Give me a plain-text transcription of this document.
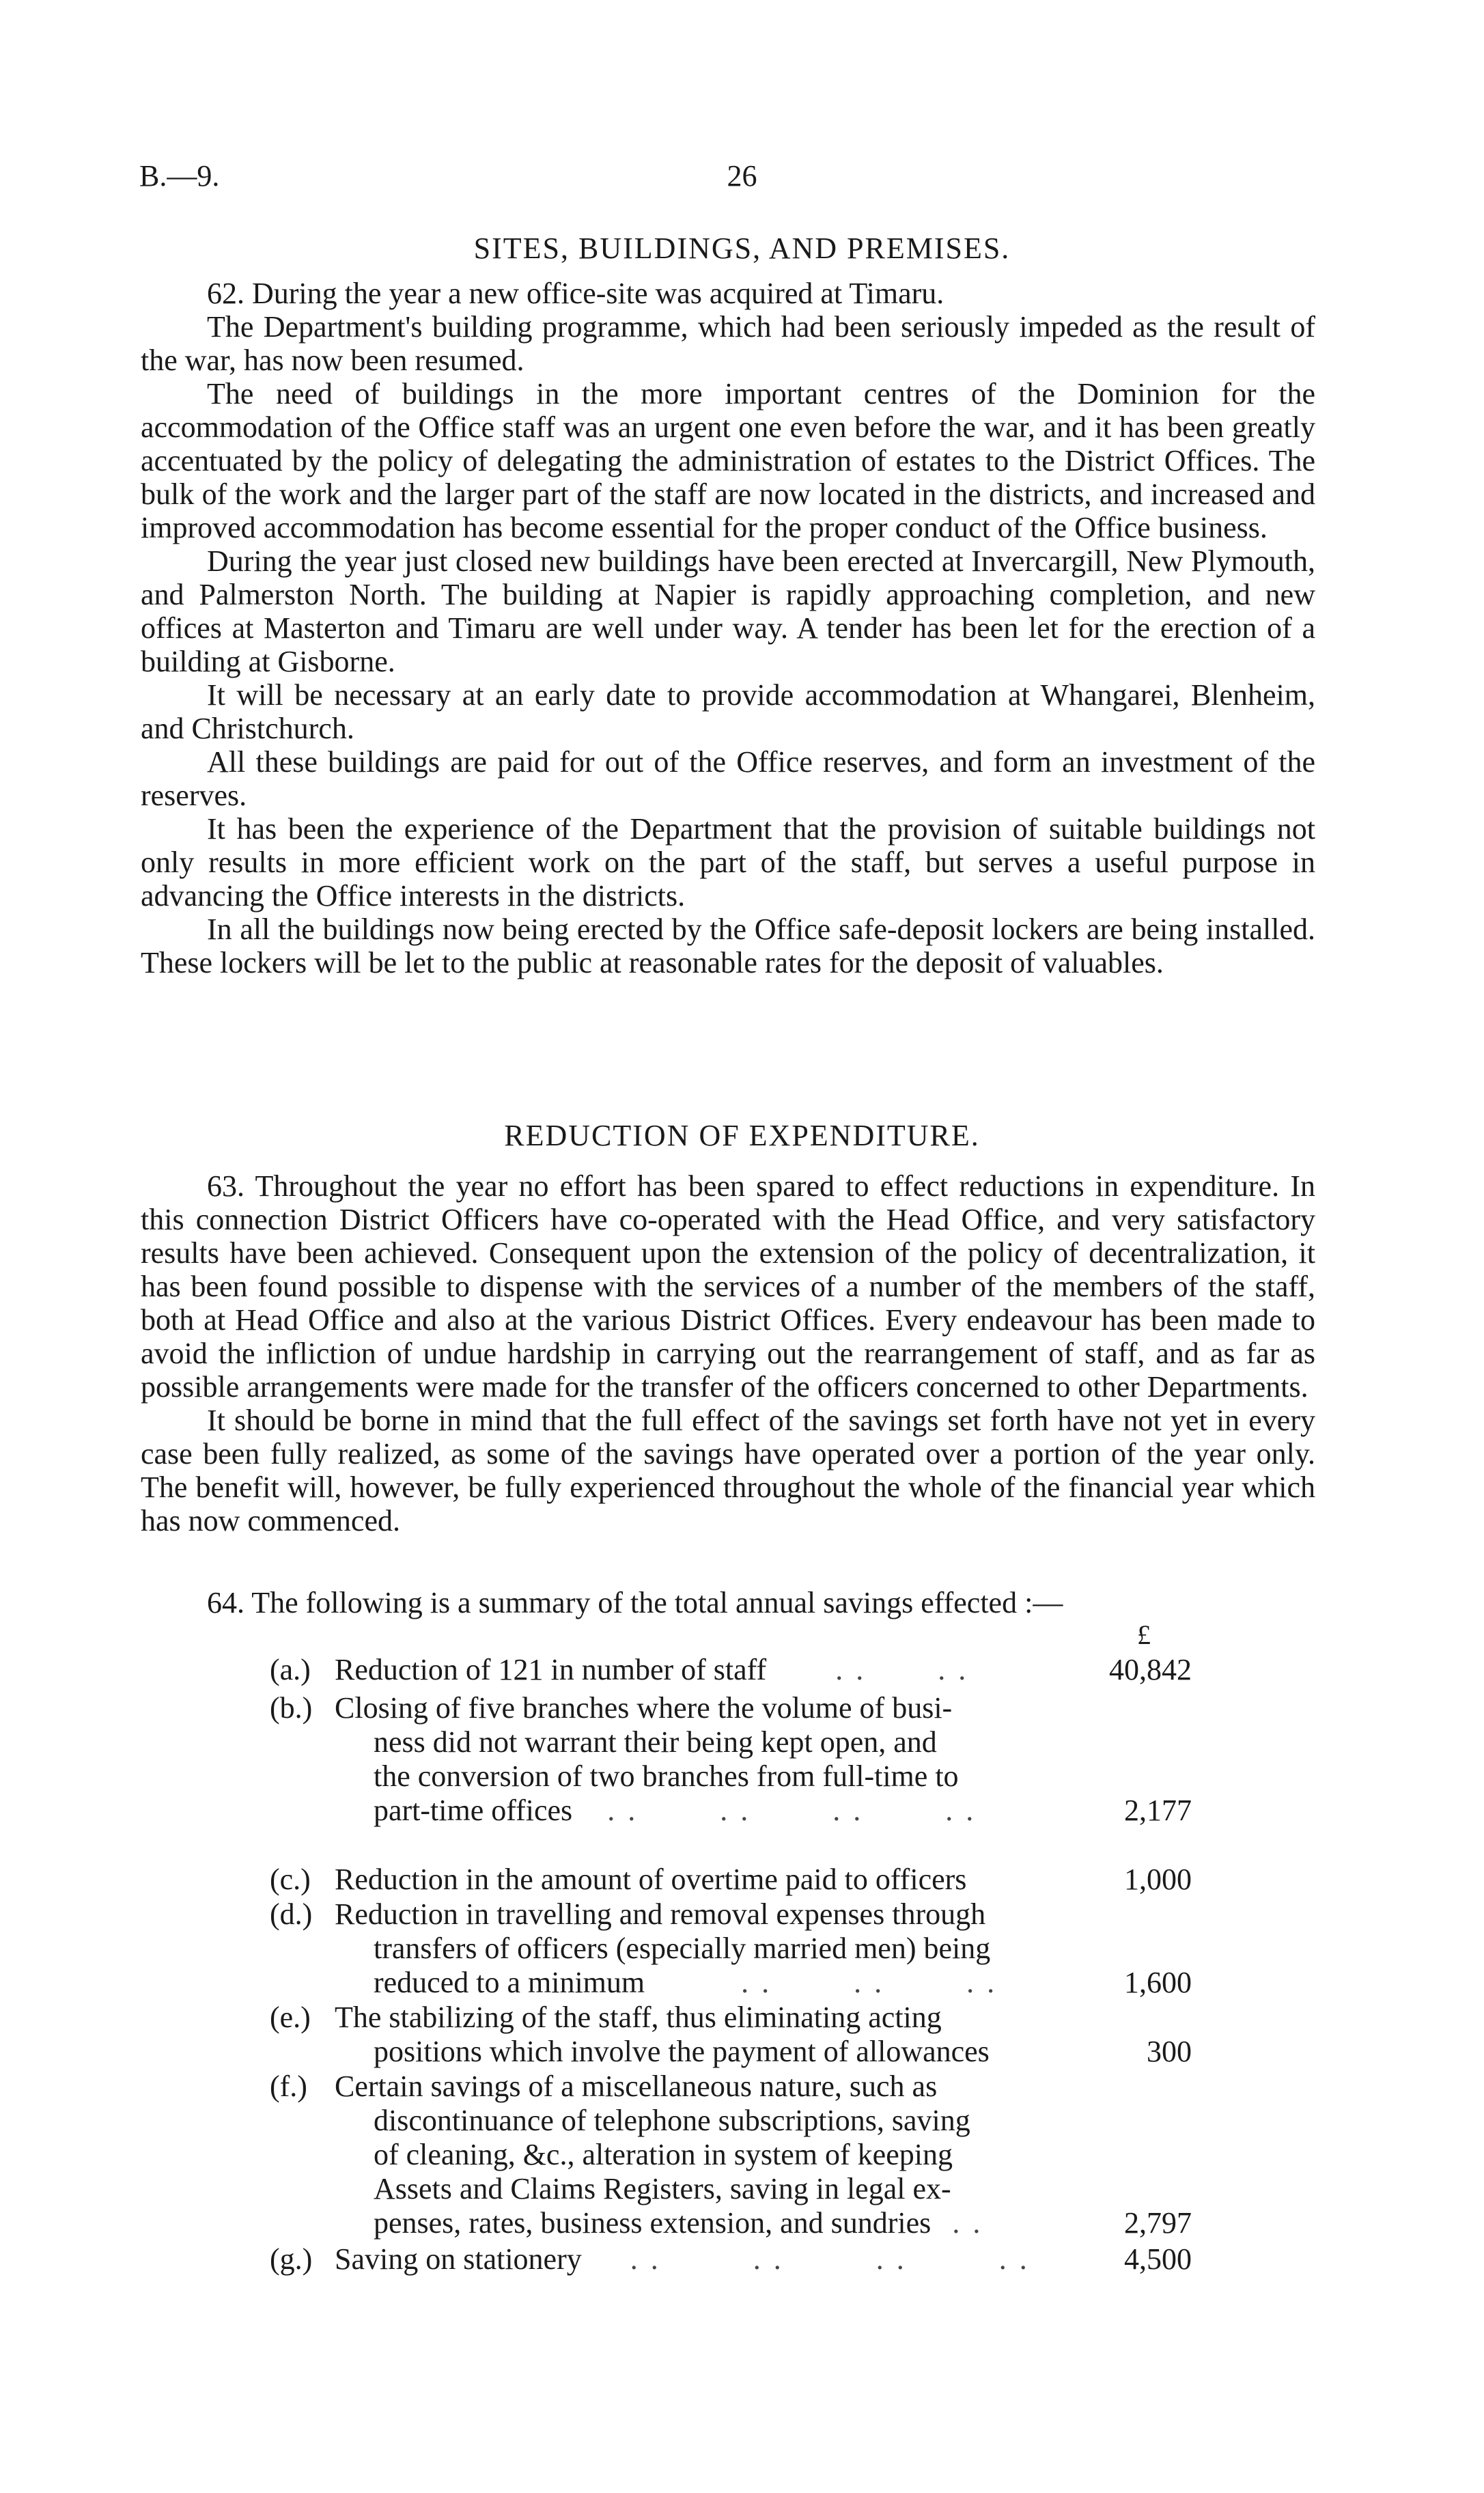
B.—9.	26
SITES, BUILDINGS, AND PREMISES.

62. During the year a new office-site was acquired at Timaru.

The Department's building programme, which had been seriously impeded as the result of the war, has now been resumed.

The need of buildings in the more important centres of the Dominion for the accommodation of the Office staff was an urgent one even before the war, and it has been greatly accentuated by the policy of delegating the administration of estates to the District Offices. The bulk of the work and the larger part of the staff are now located in the districts, and increased and improved accommodation has become essential for the proper conduct of the Office business.

During the year just closed new buildings have been erected at Invercargill, New Plymouth, and Palmerston North. The building at Napier is rapidly approaching completion, and new offices at Masterton and Timaru are well under way. A tender has been let for the erection of a building at Gisborne.

It will be necessary at an early date to provide accommodation at Whangarei, Blenheim, and Christchurch.

All these buildings are paid for out of the Office reserves, and form an investment of the reserves.

It has been the experience of the Department that the provision of suitable buildings not only results in more efficient work on the part of the staff, but serves a useful purpose in advancing the Office interests in the districts.

In all the buildings now being erected by the Office safe-deposit lockers are being installed. These lockers will be let to the public at reasonable rates for the deposit of valuables.

REDUCTION OF EXPENDITURE.

63. Throughout the year no effort has been spared to effect reductions in expenditure. In this connection District Officers have co-operated with the Head Office, and very satisfactory results have been achieved. Consequent upon the extension of the policy of decentralization, it has been found possible to dispense with the services of a number of the members of the staff, both at Head Office and also at the various District Offices. Every endeavour has been made to avoid the infliction of undue hardship in carrying out the rearrangement of staff, and as far as possible arrangements were made for the transfer of the officers concerned to other Departments.

It should be borne in mind that the full effect of the savings set forth have not yet in every case been fully realized, as some of the savings have operated over a portion of the year only. The benefit will, however, be fully experienced throughout the whole of the financial year which has now commenced.

64. The following is a summary of the total annual savings effected :—
£
(a.) Reduction of 121 in number of staff . .       . .	40,842
(b.) Closing of five branches where the volume of busi-
ness did not warrant their being kept open, and
the conversion of two branches from full-time to
part-time offices . .        . .        . .        . .	2,177
(c.) Reduction in the amount of overtime paid to officers	1,000
(d.) Reduction in travelling and removal expenses through
transfers of officers (especially married men) being
reduced to a minimum	. .        . .        . .	1,600
(e.) The stabilizing of the staff, thus eliminating acting
positions which involve the payment of allowances	300
(f.) Certain savings of a miscellaneous nature, such as
discontinuance of telephone subscriptions, saving
of cleaning, &c., alteration in system of keeping
Assets and Claims Registers, saving in legal ex-
penses, rates, business extension, and sundries . .	2,797
(g.) Saving on stationery . .         . .         . .         . .	4,500
